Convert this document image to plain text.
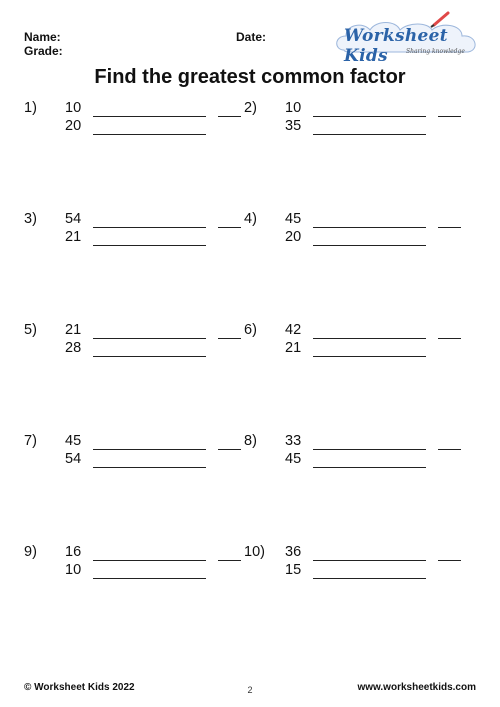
Name:
Grade:
Date:	Worksheet Kids	Sharing knowledge
Find the greatest common factor
1) 10
20
2) 10
35
3) 54
21
4) 45
20
5) 21
28
6) 42
21
7) 45
54
8) 33
45
9) 16
10
10) 36
15
© Worksheet Kids 2022	2	www.worksheetkids.com
